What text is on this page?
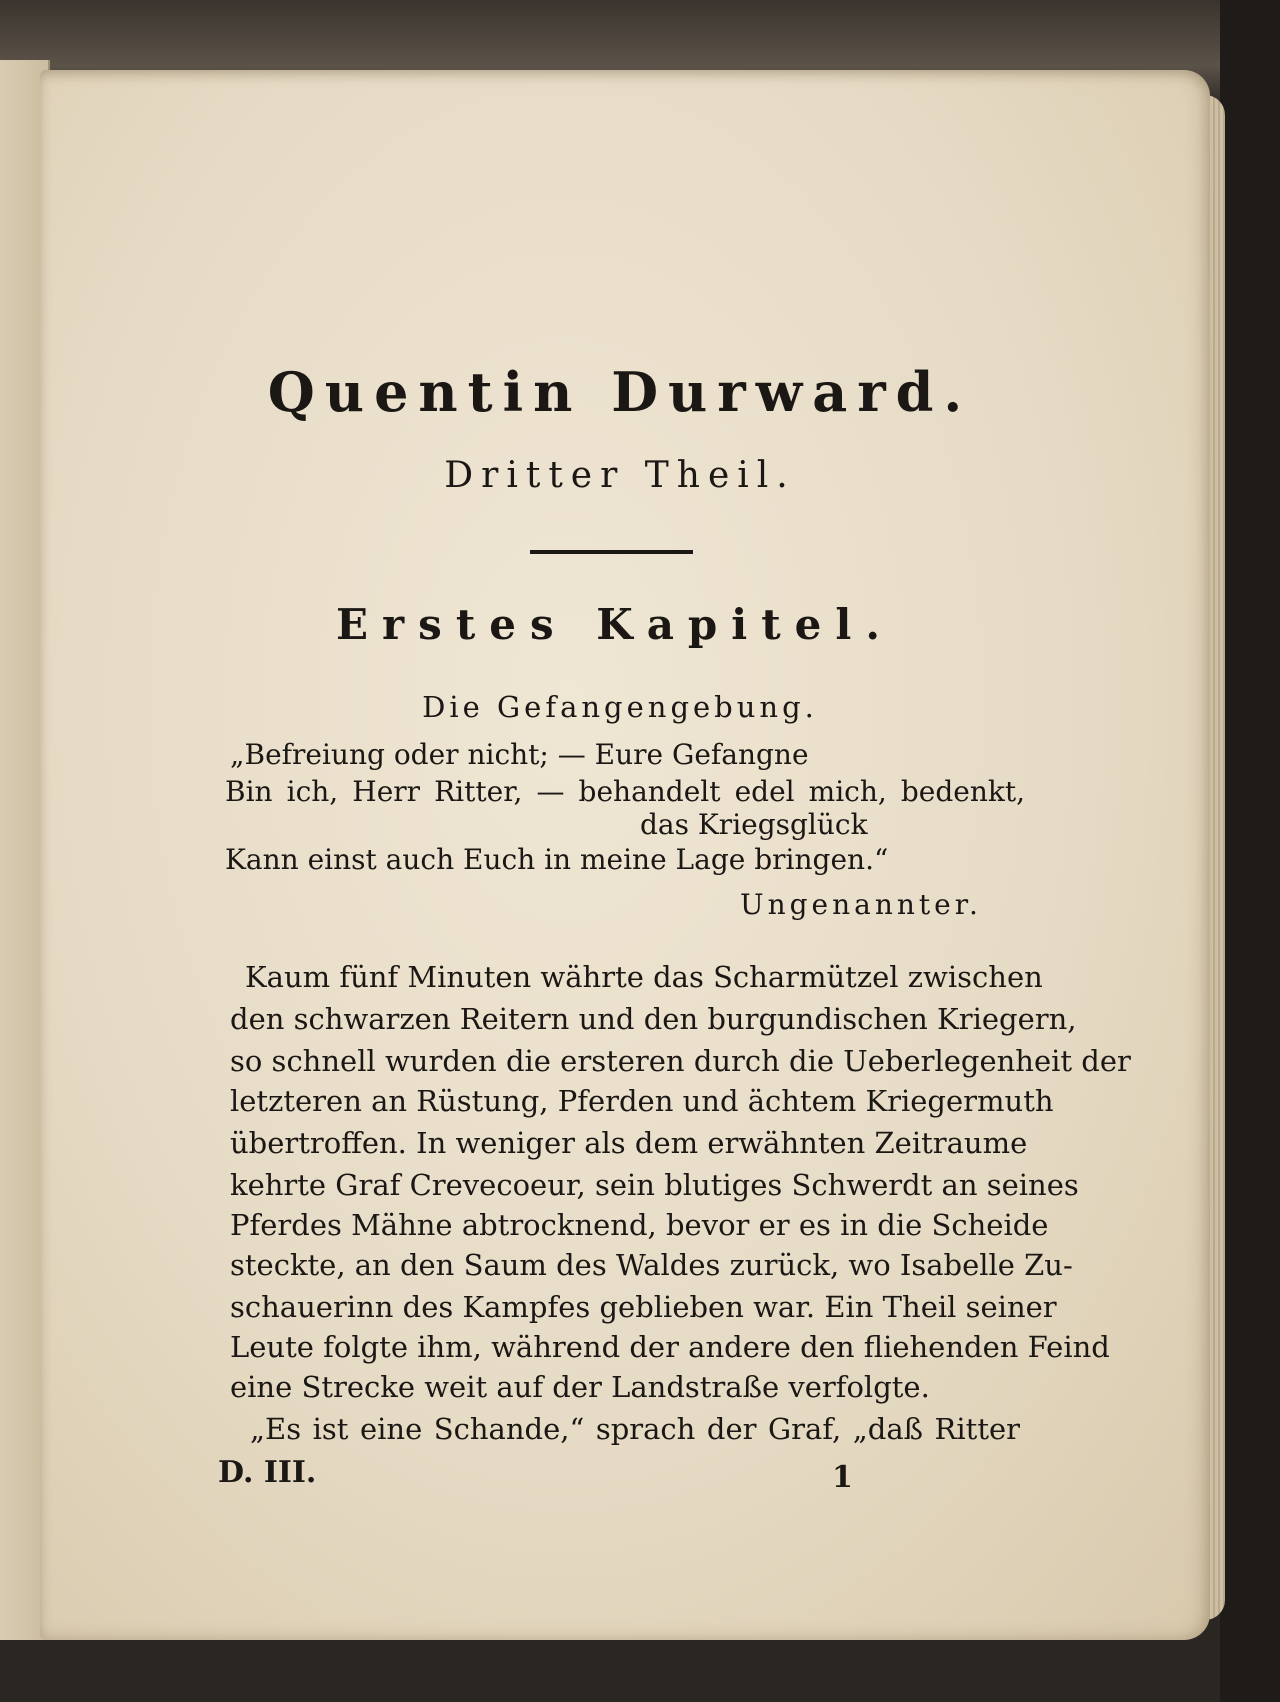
Quentin Durward.
Dritter Theil.
Erstes Kapitel.
Die Gefangengebung.
„Befreiung oder nicht; — Eure Gefangne
Bin ich, Herr Ritter, — behandelt edel mich, bedenkt,
das Kriegsglück
Kann einst auch Euch in meine Lage bringen.“
Ungenannter.
Kaum fünf Minuten währte das Scharmützel zwischen
den schwarzen Reitern und den burgundischen Kriegern,
so schnell wurden die ersteren durch die Ueberlegenheit der
letzteren an Rüstung, Pferden und ächtem Kriegermuth
übertroffen. In weniger als dem erwähnten Zeitraume
kehrte Graf Crevecoeur, sein blutiges Schwerdt an seines
Pferdes Mähne abtrocknend, bevor er es in die Scheide
steckte, an den Saum des Waldes zurück, wo Isabelle Zu-
schauerinn des Kampfes geblieben war. Ein Theil seiner
Leute folgte ihm, während der andere den fliehenden Feind
eine Strecke weit auf der Landstraße verfolgte.
„Es ist eine Schande,“ sprach der Graf, „daß Ritter
D. III.	1
